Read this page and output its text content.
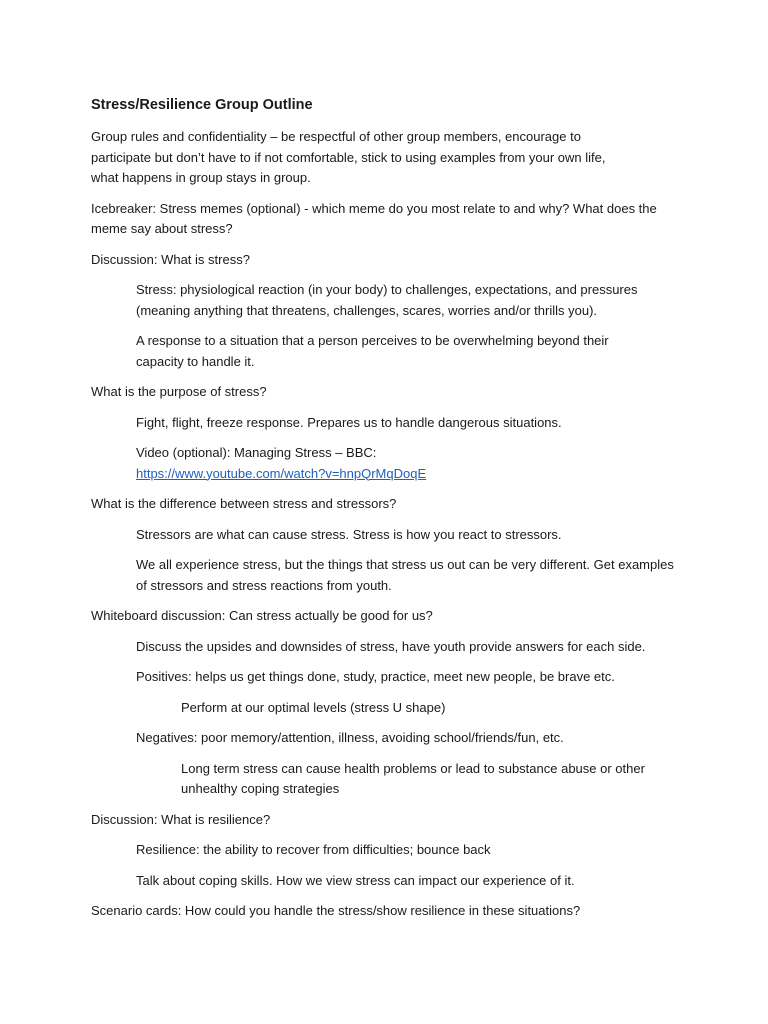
Stress/Resilience Group Outline

Group rules and confidentiality – be respectful of other group members, encourage to participate but don’t have to if not comfortable, stick to using examples from your own life, what happens in group stays in group.

Icebreaker: Stress memes (optional) - which meme do you most relate to and why? What does the meme say about stress?

Discussion: What is stress?

Stress: physiological reaction (in your body) to challenges, expectations, and pressures (meaning anything that threatens, challenges, scares, worries and/or thrills you).

A response to a situation that a person perceives to be overwhelming beyond their capacity to handle it.

What is the purpose of stress?

Fight, flight, freeze response. Prepares us to handle dangerous situations.

Video (optional): Managing Stress – BBC:
https://www.youtube.com/watch?v=hnpQrMqDoqE

What is the difference between stress and stressors?

Stressors are what can cause stress. Stress is how you react to stressors.

We all experience stress, but the things that stress us out can be very different. Get examples of stressors and stress reactions from youth.

Whiteboard discussion: Can stress actually be good for us?

Discuss the upsides and downsides of stress, have youth provide answers for each side.

Positives: helps us get things done, study, practice, meet new people, be brave etc.

Perform at our optimal levels (stress U shape)

Negatives: poor memory/attention, illness, avoiding school/friends/fun, etc.

Long term stress can cause health problems or lead to substance abuse or other unhealthy coping strategies

Discussion: What is resilience?

Resilience: the ability to recover from difficulties; bounce back

Talk about coping skills. How we view stress can impact our experience of it.

Scenario cards: How could you handle the stress/show resilience in these situations?
